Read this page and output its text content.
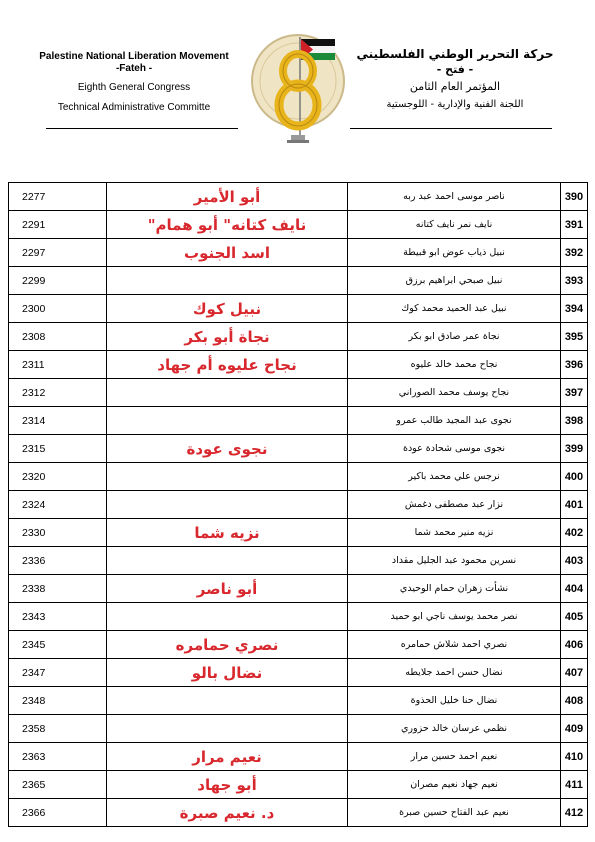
Palestine National Liberation Movement
-Fateh -
Eighth General Congress
Technical Administrative Committe
حركة التحرير الوطني الفلسطيني
- فتح -
المؤتمر العام الثامن
اللجنة الفنية والإدارية - اللوجستية
2277	أبو الأمير	ناصر موسى احمد عبد ربه	390
2291	نايف كتانه" أبو همام"	نايف نمر نايف كتانه	391
2297	اسد الجنوب	نبيل ذياب عوض ابو قبيطة	392
2299		نبيل صبحي ابراهيم برزق	393
2300	نبيل كوك	نبيل عبد الحميد محمد كوك	394
2308	نجاة أبو بكر	نجاة عمر صادق ابو بكر	395
2311	نجاح عليوه أم جهاد	نجاح محمد خالد عليوه	396
2312		نجاح يوسف محمد الصوراني	397
2314		نجوى عبد المجيد طالب عمرو	398
2315	نجوى عودة	نجوى موسى شحادة عودة	399
2320		نرجس علي محمد باكير	400
2324		نزار عبد مصطفى دغمش	401
2330	نزيه شما	نزيه منير محمد شما	402
2336		نسرين محمود عبد الجليل مقداد	403
2338	أبو ناصر	نشأت زهران حمام الوحيدي	404
2343		نصر محمد يوسف ناجي ابو حميد	405
2345	نصري حمامره	نصري احمد شلاش حمامره	406
2347	نضال بالو	نضال حسن احمد جلايطه	407
2348		نضال حنا خليل الحذوة	408
2358		نظمي عرسان خالد حزوري	409
2363	نعيم مرار	نعيم احمد حسين مرار	410
2365	أبو جهاد	نعيم جهاد نعيم مصران	411
2366	د. نعيم صبرة	نعيم عبد الفتاح حسين صبرة	412
